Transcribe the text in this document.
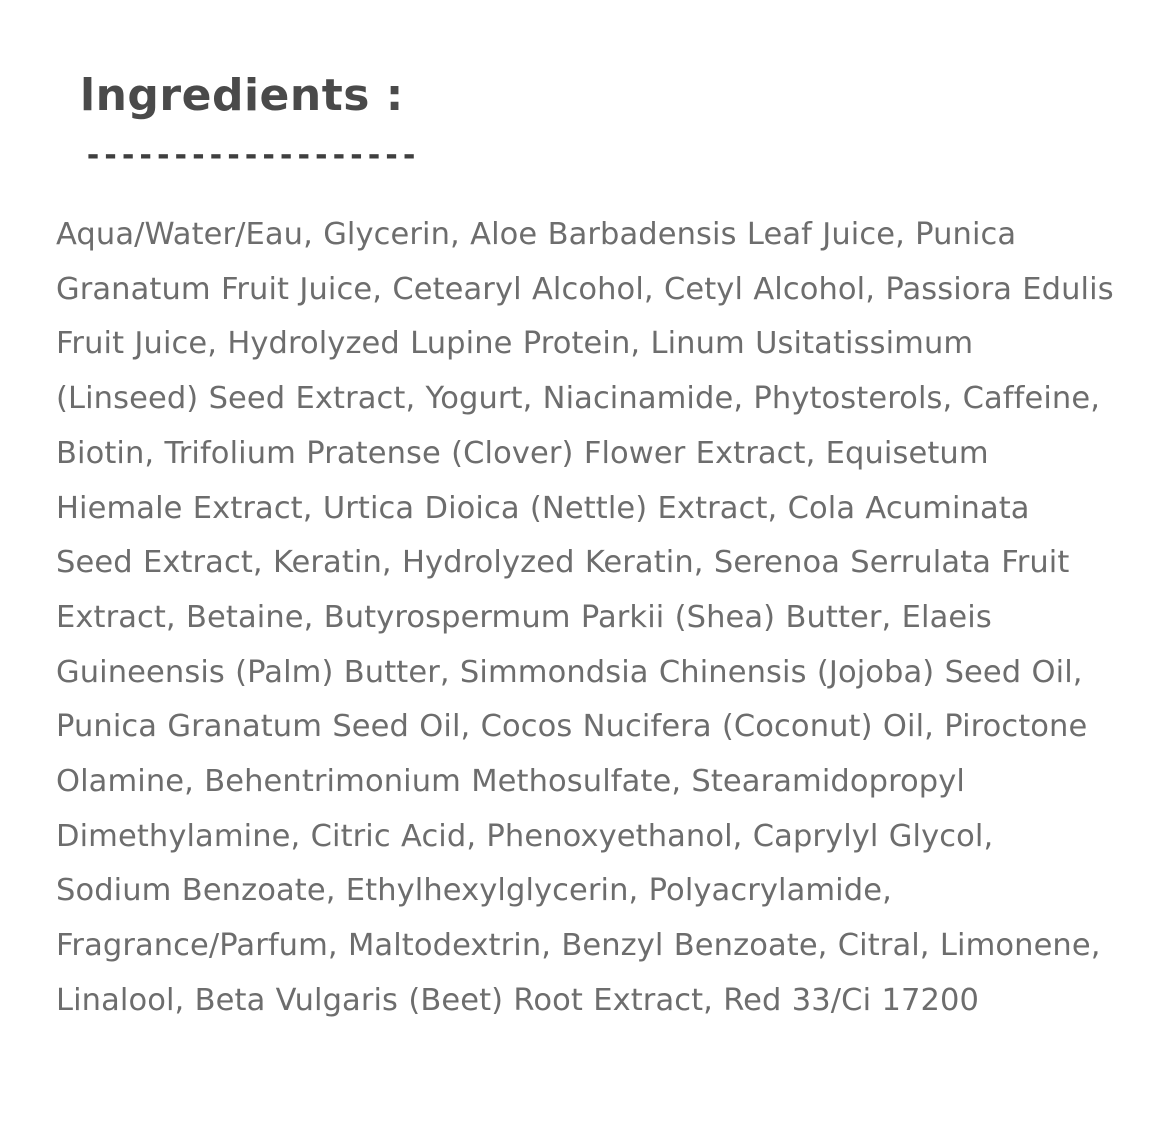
lngredients :
-------------------
Aqua/Water/Eau, Glycerin, Aloe Barbadensis Leaf Juice, Punica Granatum Fruit Juice, Cetearyl Alcohol, Cetyl Alcohol, Passiora Edulis Fruit Juice, Hydrolyzed Lupine Protein, Linum Usitatissimum (Linseed) Seed Extract, Yogurt, Niacinamide, Phytosterols, Caffeine, Biotin, Trifolium Pratense (Clover) Flower Extract, Equisetum Hiemale Extract, Urtica Dioica (Nettle) Extract, Cola Acuminata Seed Extract, Keratin, Hydrolyzed Keratin, Serenoa Serrulata Fruit Extract, Betaine, Butyrospermum Parkii (Shea) Butter, Elaeis Guineensis (Palm) Butter, Simmondsia Chinensis (Jojoba) Seed Oil, Punica Granatum Seed Oil, Cocos Nucifera (Coconut) Oil, Piroctone Olamine, Behentrimonium Methosulfate, Stearamidopropyl Dimethylamine, Citric Acid, Phenoxyethanol, Caprylyl Glycol, Sodium Benzoate, Ethylhexylglycerin, Polyacrylamide, Fragrance/Parfum, Maltodextrin, Benzyl Benzoate, Citral, Limonene, Linalool, Beta Vulgaris (Beet) Root Extract, Red 33/Ci 17200
